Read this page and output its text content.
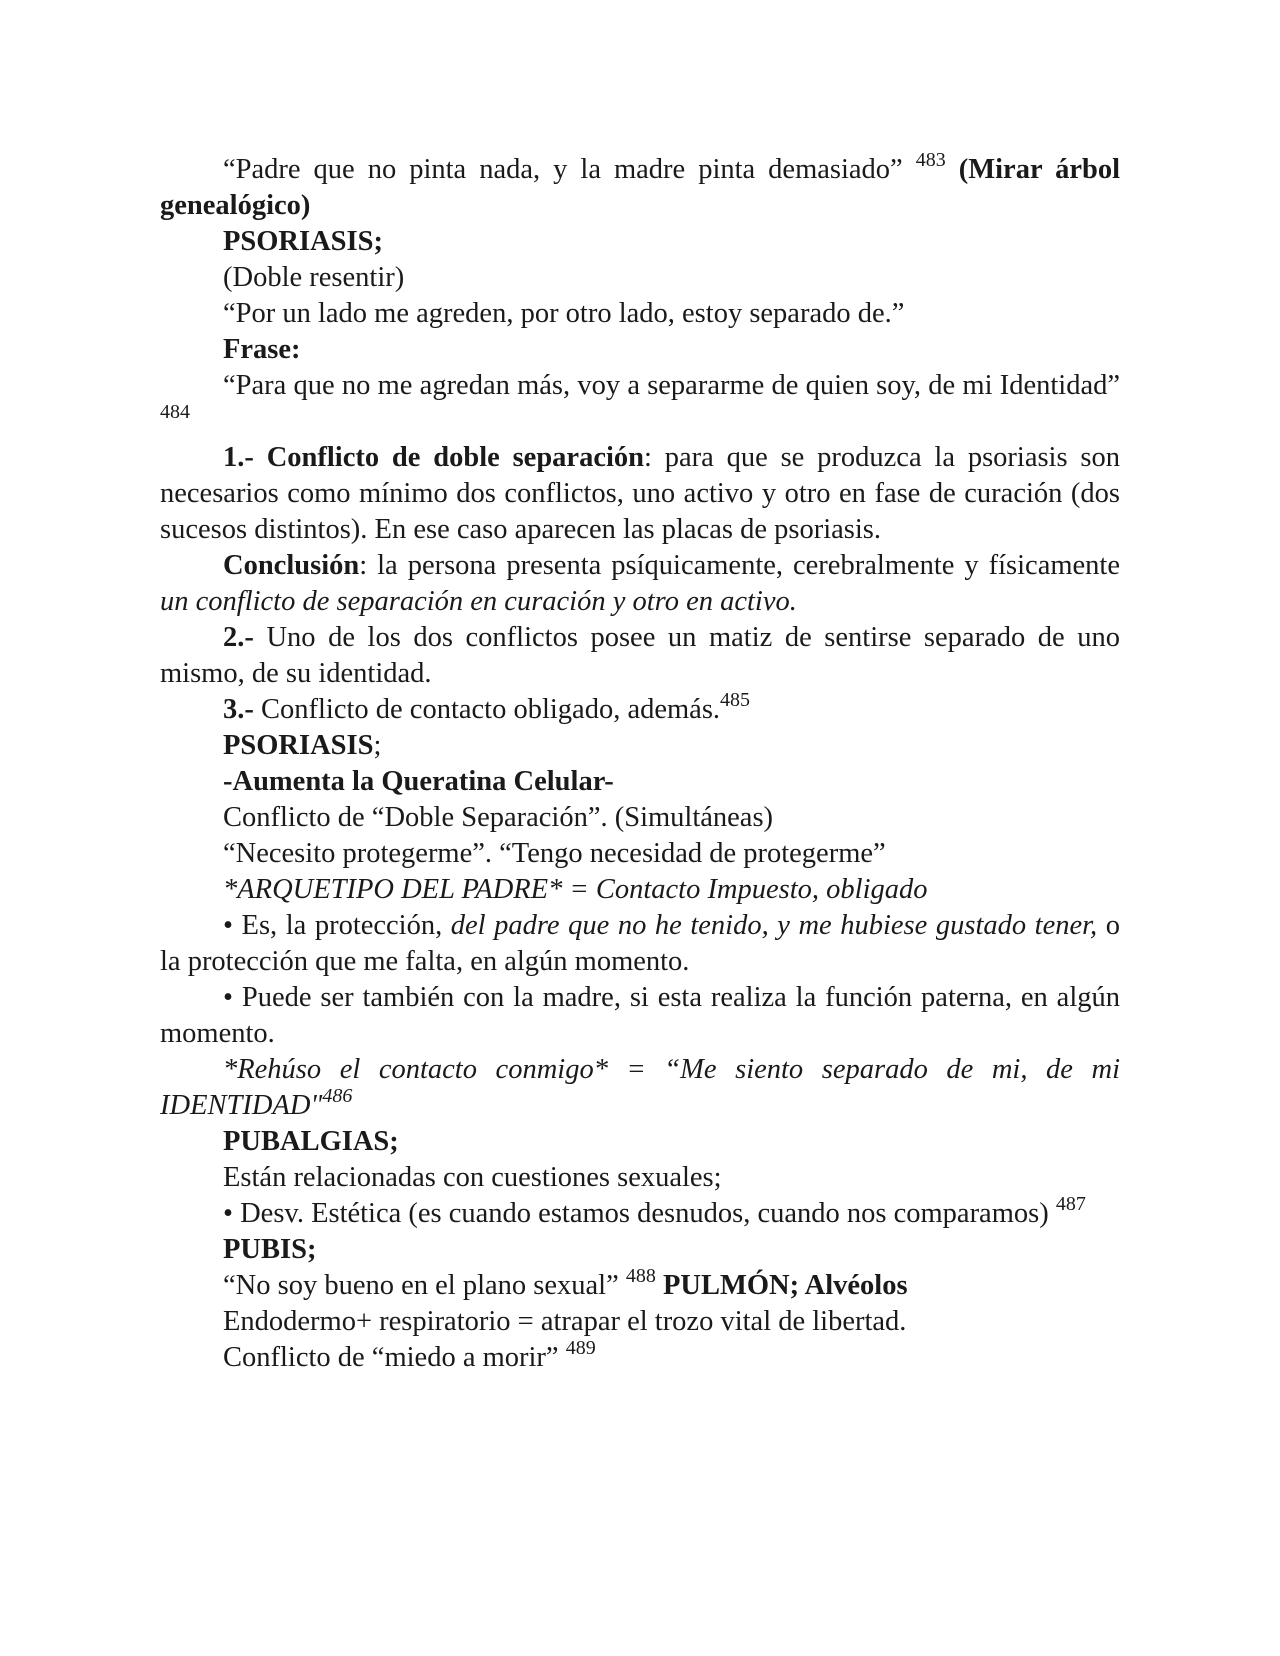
“Padre que no pinta nada, y la madre pinta demasiado” $^{483}$ (Mirar árbol genealógico)

PSORIASIS;

(Doble resentir)

“Por un lado me agreden, por otro lado, estoy separado de.”

Frase:

“Para que no me agredan más, voy a separarme de quien soy, de mi Identidad” $^{484}$

1.- Conflicto de doble separación: para que se produzca la psoriasis son necesarios como mínimo dos conflictos, uno activo y otro en fase de curación (dos sucesos distintos). En ese caso aparecen las placas de psoriasis.

Conclusión: la persona presenta psíquicamente, cerebralmente y físicamente un conflicto de separación en curación y otro en activo.

2.- Uno de los dos conflictos posee un matiz de sentirse separado de uno mismo, de su identidad.

3.- Conflicto de contacto obligado, además.$^{485}$

PSORIASIS;

-Aumenta la Queratina Celular-

Conflicto de “Doble Separación”. (Simultáneas)

“Necesito protegerme”. “Tengo necesidad de protegerme”

*ARQUETIPO DEL PADRE* = Contacto Impuesto, obligado

• Es, la protección, del padre que no he tenido, y me hubiese gustado tener, o la protección que me falta, en algún momento.

• Puede ser también con la madre, si esta realiza la función paterna, en algún momento.

*Rehúso el contacto conmigo* = “Me siento separado de mi, de mi IDENTIDAD"$^{486}$

PUBALGIAS;

Están relacionadas con cuestiones sexuales;

• Desv. Estética (es cuando estamos desnudos, cuando nos comparamos) $^{487}$

PUBIS;

“No soy bueno en el plano sexual” $^{488}$ PULMÓN; Alvéolos

Endodermo+ respiratorio = atrapar el trozo vital de libertad.

Conflicto de “miedo a morir” $^{489}$
